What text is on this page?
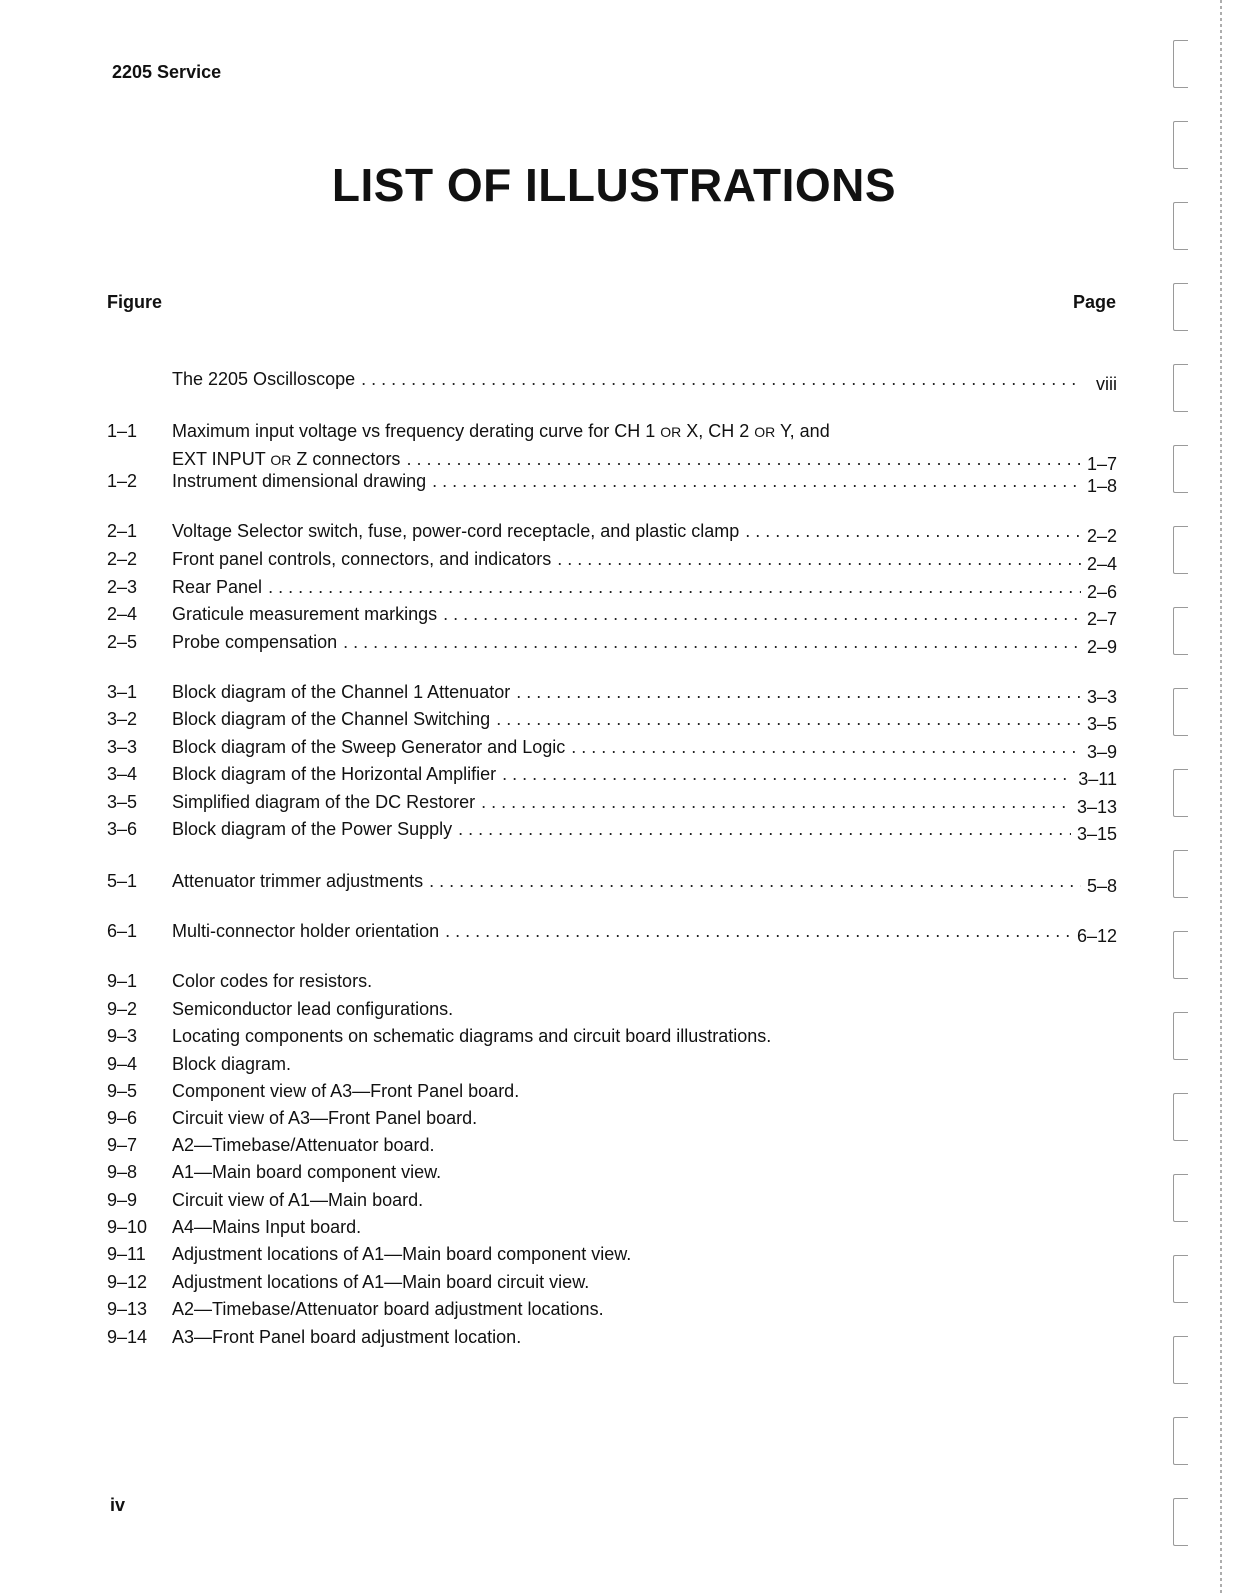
2205 Service
LIST OF ILLUSTRATIONS
Figure	Page
The 2205 Oscilloscope . . .	viii
1–1	Maximum input voltage vs frequency derating curve for CH 1 OR X, CH 2 OR Y, and
EXT INPUT OR Z connectors . . .	1–7
1–2	Instrument dimensional drawing . . .	1–8
2–1	Voltage Selector switch, fuse, power-cord receptacle, and plastic clamp . . .	2–2
2–2	Front panel controls, connectors, and indicators . . .	2–4
2–3	Rear Panel . . .	2–6
2–4	Graticule measurement markings . . .	2–7
2–5	Probe compensation . . .	2–9
3–1	Block diagram of the Channel 1 Attenuator . . .	3–3
3–2	Block diagram of the Channel Switching . . .	3–5
3–3	Block diagram of the Sweep Generator and Logic . . .	3–9
3–4	Block diagram of the Horizontal Amplifier . . .	3–11
3–5	Simplified diagram of the DC Restorer . . .	3–13
3–6	Block diagram of the Power Supply . . .	3–15
5–1	Attenuator trimmer adjustments . . .	5–8
6–1	Multi-connector holder orientation . . .	6–12
9–1	Color codes for resistors.
9–2	Semiconductor lead configurations.
9–3	Locating components on schematic diagrams and circuit board illustrations.
9–4	Block diagram.
9–5	Component view of A3—Front Panel board.
9–6	Circuit view of A3—Front Panel board.
9–7	A2—Timebase/Attenuator board.
9–8	A1—Main board component view.
9–9	Circuit view of A1—Main board.
9–10	A4—Mains Input board.
9–11	Adjustment locations of A1—Main board component view.
9–12	Adjustment locations of A1—Main board circuit view.
9–13	A2—Timebase/Attenuator board adjustment locations.
9–14	A3—Front Panel board adjustment location.
iv
